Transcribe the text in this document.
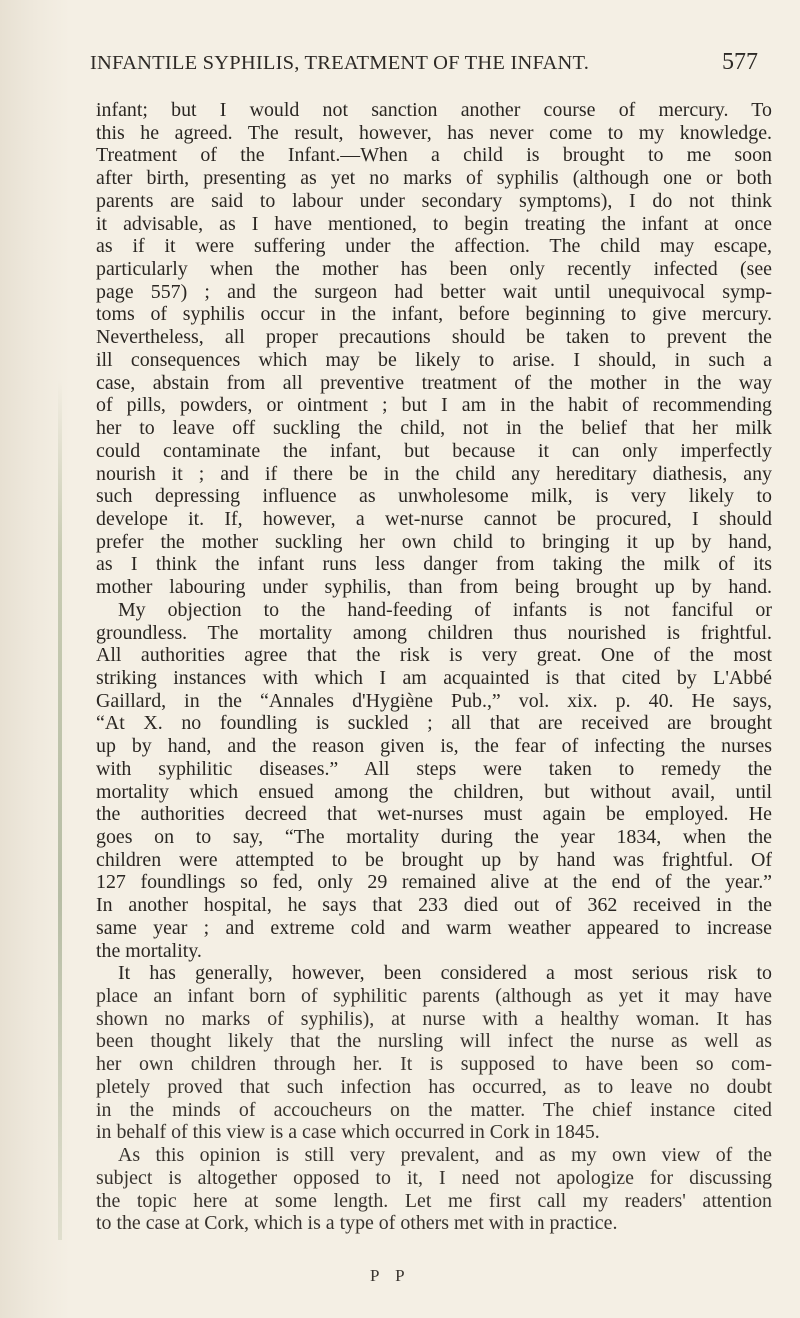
INFANTILE SYPHILIS, TREATMENT OF THE INFANT.	577
infant; but I would not sanction another course of mercury. To
this he agreed. The result, however, has never come to my knowledge.
Treatment of the Infant.—When a child is brought to me soon
after birth, presenting as yet no marks of syphilis (although one or both
parents are said to labour under secondary symptoms), I do not think
it advisable, as I have mentioned, to begin treating the infant at once
as if it were suffering under the affection. The child may escape,
particularly when the mother has been only recently infected (see
page 557) ; and the surgeon had better wait until unequivocal symp-
toms of syphilis occur in the infant, before beginning to give mercury.
Nevertheless, all proper precautions should be taken to prevent the
ill consequences which may be likely to arise. I should, in such a
case, abstain from all preventive treatment of the mother in the way
of pills, powders, or ointment ; but I am in the habit of recommending
her to leave off suckling the child, not in the belief that her milk
could contaminate the infant, but because it can only imperfectly
nourish it ; and if there be in the child any hereditary diathesis, any
such depressing influence as unwholesome milk, is very likely to
develope it. If, however, a wet-nurse cannot be procured, I should
prefer the mother suckling her own child to bringing it up by hand,
as I think the infant runs less danger from taking the milk of its
mother labouring under syphilis, than from being brought up by hand.
My objection to the hand-feeding of infants is not fanciful or
groundless. The mortality among children thus nourished is frightful.
All authorities agree that the risk is very great. One of the most
striking instances with which I am acquainted is that cited by L'Abbé
Gaillard, in the “Annales d'Hygiène Pub.,” vol. xix. p. 40. He says,
“At X. no foundling is suckled ; all that are received are brought
up by hand, and the reason given is, the fear of infecting the nurses
with syphilitic diseases.” All steps were taken to remedy the
mortality which ensued among the children, but without avail, until
the authorities decreed that wet-nurses must again be employed. He
goes on to say, “The mortality during the year 1834, when the
children were attempted to be brought up by hand was frightful. Of
127 foundlings so fed, only 29 remained alive at the end of the year.”
In another hospital, he says that 233 died out of 362 received in the
same year ; and extreme cold and warm weather appeared to increase
the mortality.
It has generally, however, been considered a most serious risk to
place an infant born of syphilitic parents (although as yet it may have
shown no marks of syphilis), at nurse with a healthy woman. It has
been thought likely that the nursling will infect the nurse as well as
her own children through her. It is supposed to have been so com-
pletely proved that such infection has occurred, as to leave no doubt
in the minds of accoucheurs on the matter. The chief instance cited
in behalf of this view is a case which occurred in Cork in 1845.
As this opinion is still very prevalent, and as my own view of the
subject is altogether opposed to it, I need not apologize for discussing
the topic here at some length. Let me first call my readers' attention
to the case at Cork, which is a type of others met with in practice.
P P
